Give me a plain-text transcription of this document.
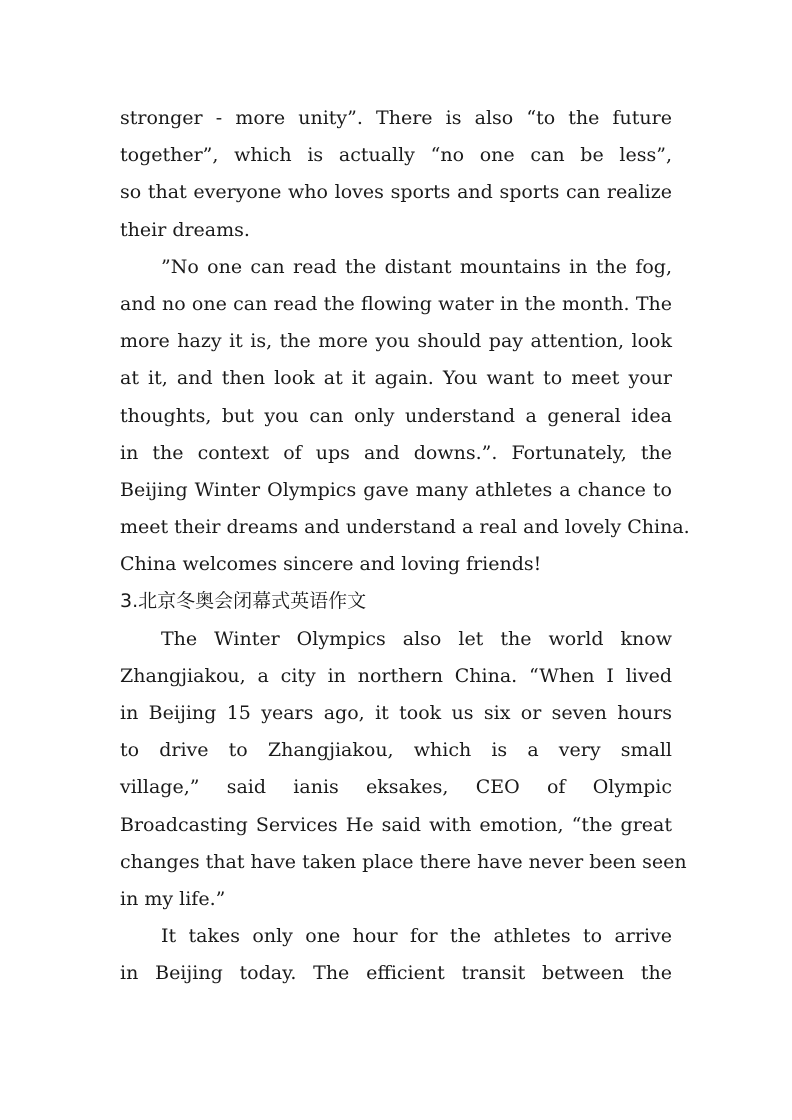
stronger - more unity”. There is also “to the future
together”, which is actually “no one can be less”,
so that everyone who loves sports and sports can realize
their dreams.
”No one can read the distant mountains in the fog,
and no one can read the flowing water in the month. The
more hazy it is, the more you should pay attention, look
at it, and then look at it again. You want to meet your
thoughts, but you can only understand a general idea
in the context of ups and downs.”. Fortunately, the
Beijing Winter Olympics gave many athletes a chance to
meet their dreams and understand a real and lovely China.
China welcomes sincere and loving friends!
3.北京冬奥会闭幕式英语作文
The Winter Olympics also let the world know
Zhangjiakou, a city in northern China. “When I lived
in Beijing 15 years ago, it took us six or seven hours
to drive to Zhangjiakou, which is a very small
village,” said ianis eksakes, CEO of Olympic
Broadcasting Services He said with emotion, “the great
changes that have taken place there have never been seen
in my life.”
It takes only one hour for the athletes to arrive
in Beijing today. The efficient transit between the
